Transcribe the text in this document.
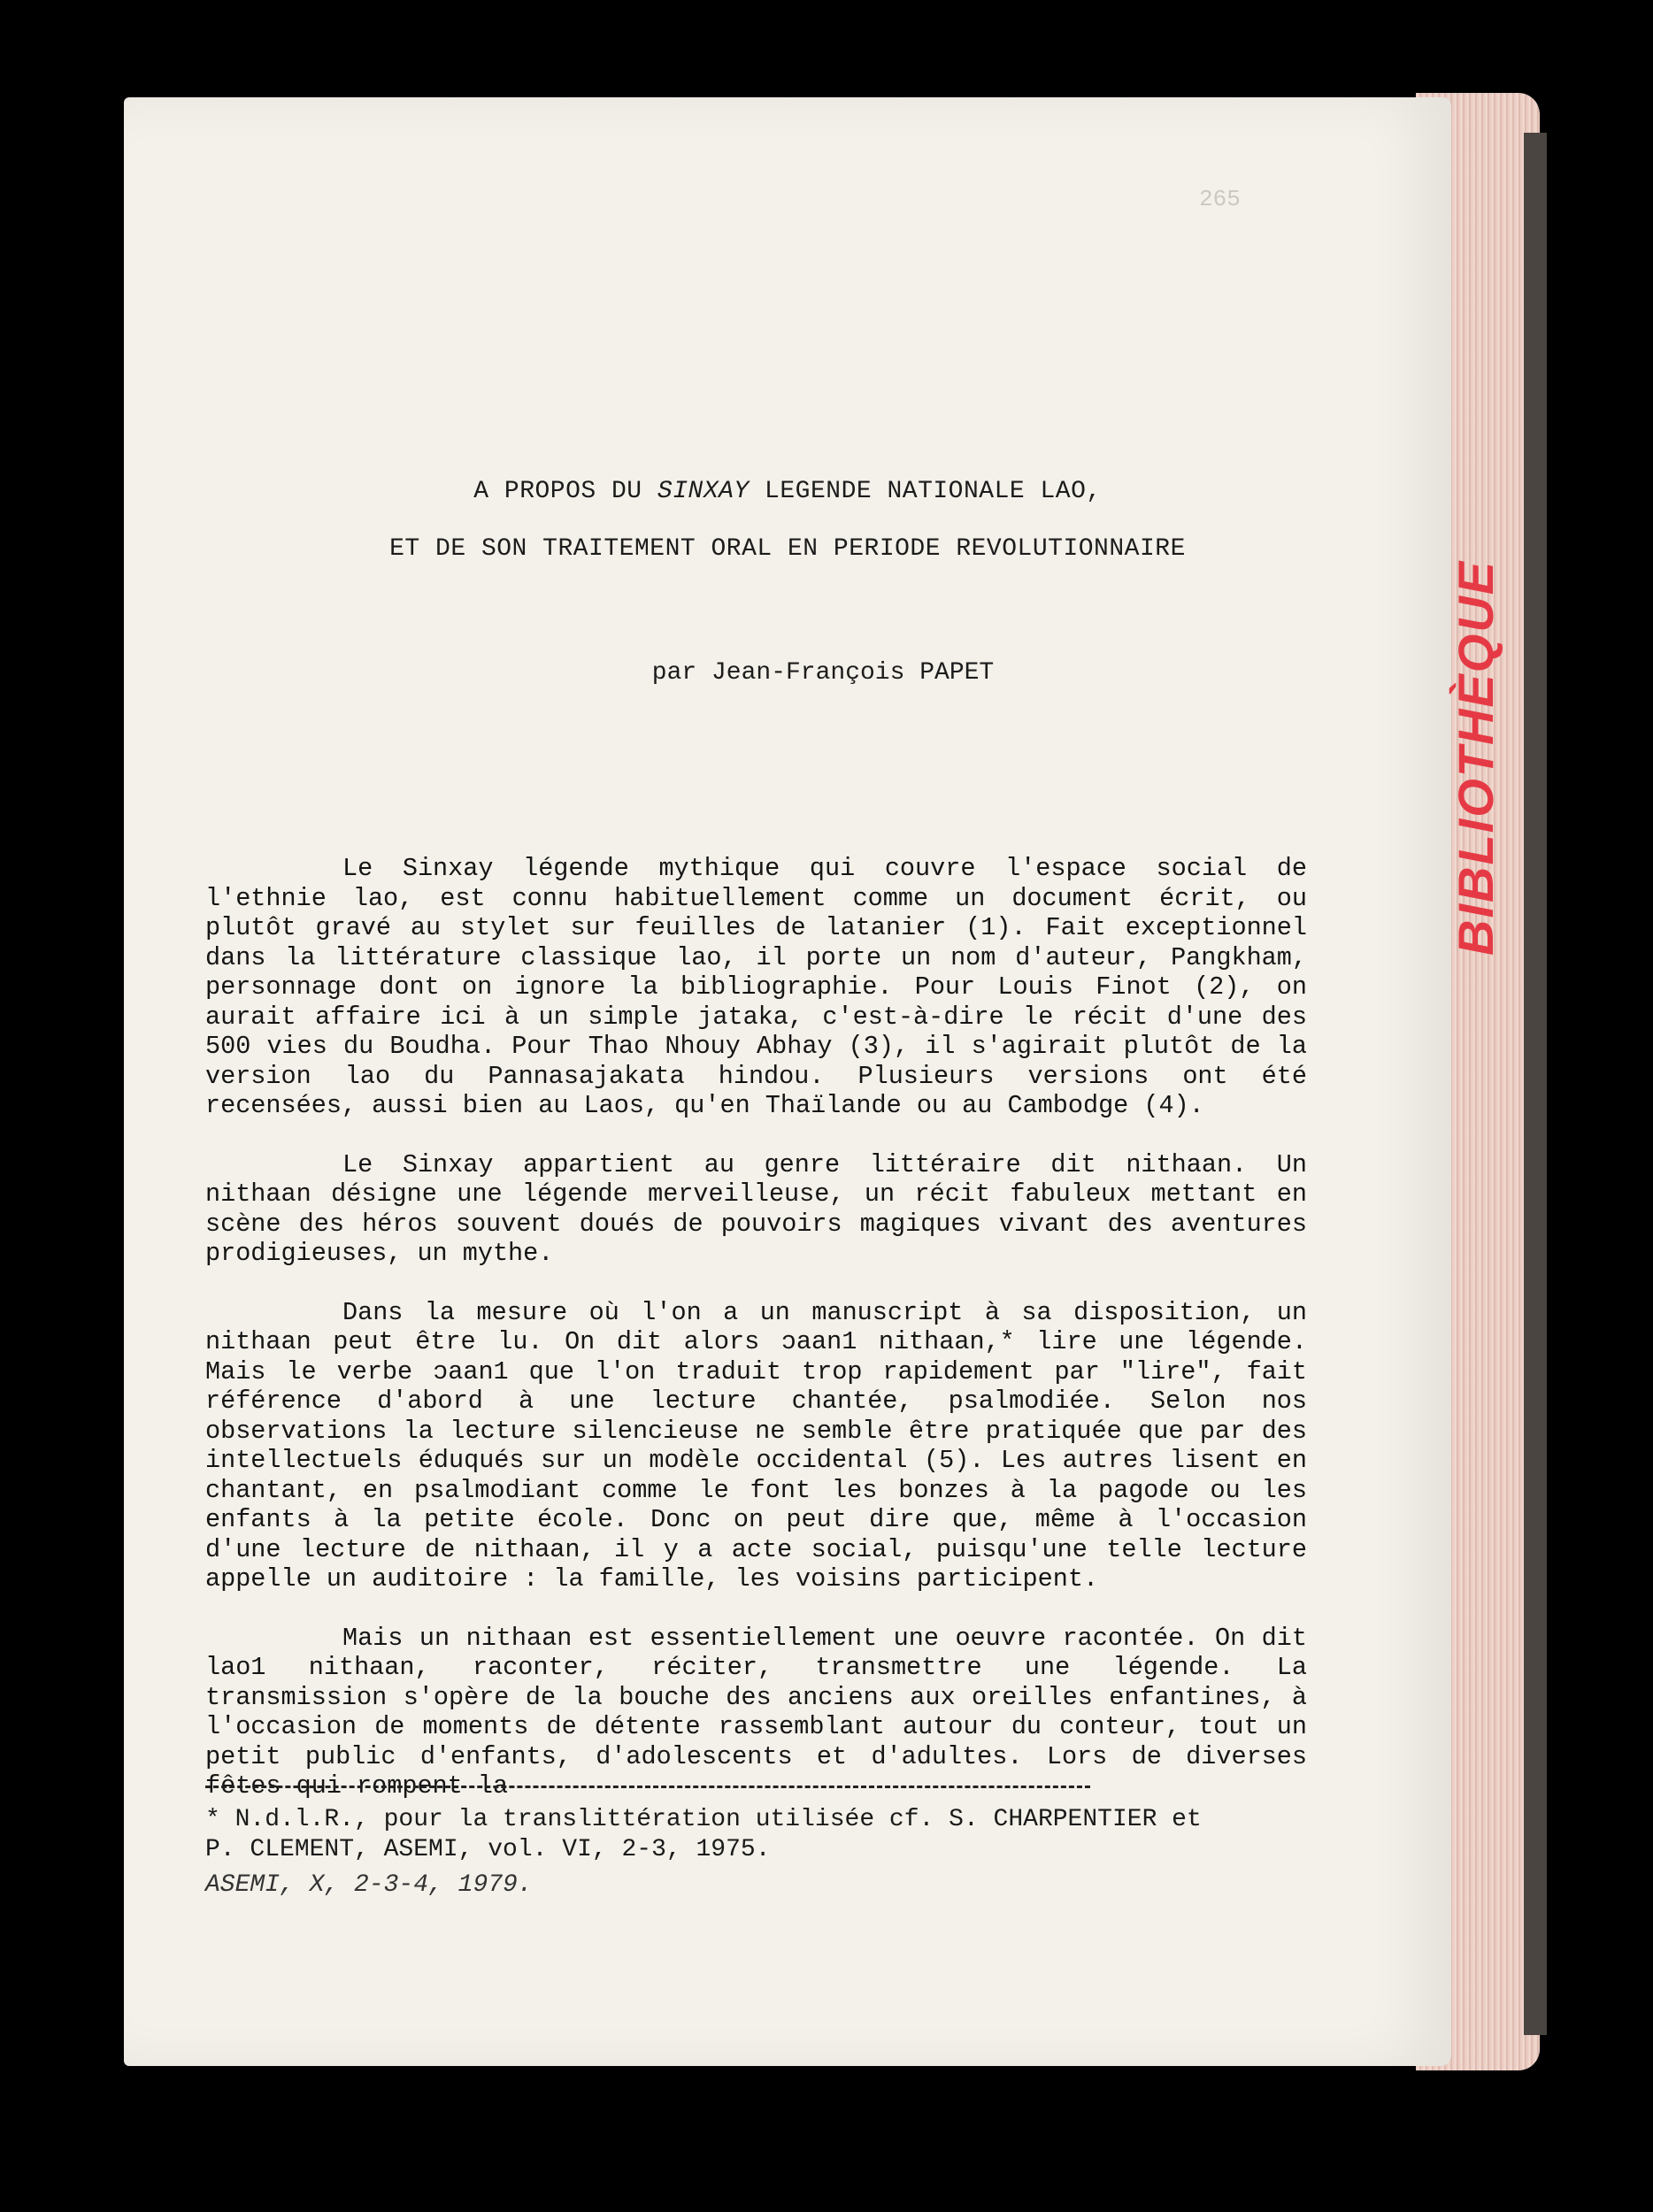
265
BIBLIOTHÈQUE
A PROPOS DU SINXAY LEGENDE NATIONALE LAO,
ET DE SON TRAITEMENT ORAL EN PERIODE REVOLUTIONNAIRE
par Jean-François PAPET

Le Sinxay légende mythique qui couvre l'espace social de l'ethnie lao, est connu habituellement comme un document écrit, ou plutôt gravé au stylet sur feuilles de latanier (1). Fait exceptionnel dans la littérature classique lao, il porte un nom d'auteur, Pangkham, personnage dont on ignore la bibliographie. Pour Louis Finot (2), on aurait affaire ici à un simple jataka, c'est-à-dire le récit d'une des 500 vies du Boudha. Pour Thao Nhouy Abhay (3), il s'agirait plutôt de la version lao du Pannasajakata hindou. Plusieurs versions ont été recensées, aussi bien au Laos, qu'en Thaïlande ou au Cambodge (4).

Le Sinxay appartient au genre littéraire dit nithaan. Un nithaan désigne une légende merveilleuse, un récit fabuleux mettant en scène des héros souvent doués de pouvoirs magiques vivant des aventures prodigieuses, un mythe.

Dans la mesure où l'on a un manuscript à sa disposition, un nithaan peut être lu. On dit alors ɔaan1 nithaan,* lire une légende. Mais le verbe ɔaan1 que l'on traduit trop rapidement par "lire", fait référence d'abord à une lecture chantée, psalmodiée. Selon nos observations la lecture silencieuse ne semble être pratiquée que par des intellectuels éduqués sur un modèle occidental (5). Les autres lisent en chantant, en psalmodiant comme le font les bonzes à la pagode ou les enfants à la petite école. Donc on peut dire que, même à l'occasion d'une lecture de nithaan, il y a acte social, puisqu'une telle lecture appelle un auditoire : la famille, les voisins participent.

Mais un nithaan est essentiellement une oeuvre racontée. On dit lao1 nithaan, raconter, réciter, transmettre une légende. La transmission s'opère de la bouche des anciens aux oreilles enfantines, à l'occasion de moments de détente rassemblant autour du conteur, tout un petit public d'enfants, d'adolescents et d'adultes. Lors de diverses fêtes qui rompent la

* N.d.l.R., pour la translittération utilisée cf. S. CHARPENTIER et
P. CLEMENT, ASEMI, vol. VI, 2-3, 1975.
ASEMI, X, 2-3-4, 1979.
